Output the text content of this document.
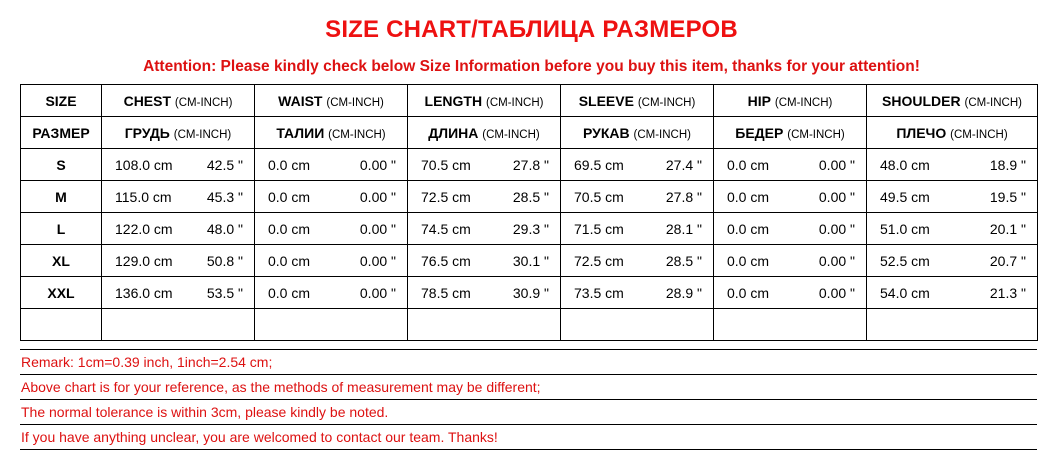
SIZE CHART/ТАБЛИЦА РАЗМЕРОВ
Attention: Please kindly check below Size Information before you buy this item, thanks for your attention!
SIZE	CHEST (CM-INCH)	WAIST (CM-INCH)	LENGTH (CM-INCH)	SLEEVE (CM-INCH)	HIP (CM-INCH)	SHOULDER (CM-INCH)
РАЗМЕР	ГРУДЬ (CM-INCH)	ТАЛИИ (CM-INCH)	ДЛИНА (CM-INCH)	РУКАВ (CM-INCH)	БЕДЕР (CM-INCH)	ПЛЕЧО (CM-INCH)
S	108.0 cm 42.5 "	0.0 cm 0.00 "	70.5 cm 27.8 "	69.5 cm 27.4 "	0.0 cm 0.00 "	48.0 cm 18.9 "

M	115.0 cm 45.3 "	0.0 cm 0.00 "	72.5 cm 28.5 "	70.5 cm 27.8 "	0.0 cm 0.00 "	49.5 cm 19.5 "

L	122.0 cm 48.0 "	0.0 cm 0.00 "	74.5 cm 29.3 "	71.5 cm 28.1 "	0.0 cm 0.00 "	51.0 cm 20.1 "

XL	129.0 cm 50.8 "	0.0 cm 0.00 "	76.5 cm 30.1 "	72.5 cm 28.5 "	0.0 cm 0.00 "	52.5 cm 20.7 "

XXL	136.0 cm 53.5 "	0.0 cm 0.00 "	78.5 cm 30.9 "	73.5 cm 28.9 "	0.0 cm 0.00 "	54.0 cm 21.3 "

Remark: 1cm=0.39 inch, 1inch=2.54 cm;
Above chart is for your reference, as the methods of measurement may be different;
The normal tolerance is within 3cm, please kindly be noted.
If you have anything unclear, you are welcomed to contact our team. Thanks!
